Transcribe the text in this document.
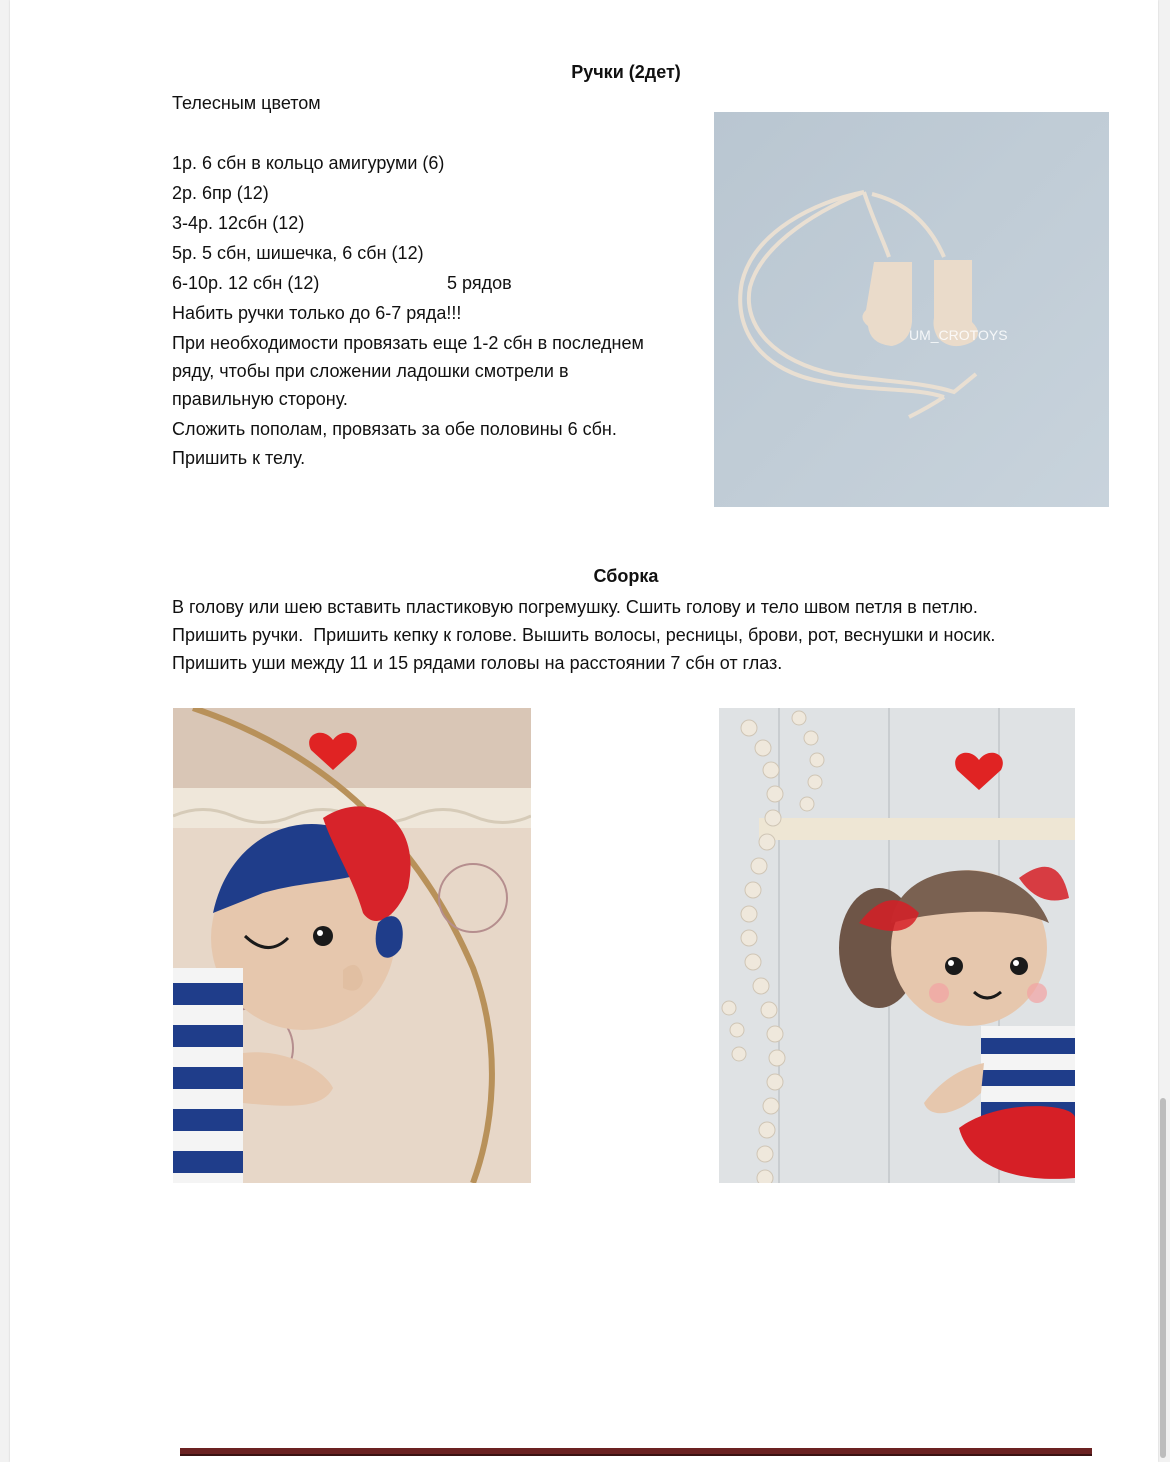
Ручки (2дет)
Телесным цветом
1р. 6 сбн в кольцо амигуруми (6)
2р. 6пр (12)
3-4р. 12сбн (12)
5р. 5 сбн, шишечка, 6 сбн (12)
6-10р. 12 сбн (12)	5 рядов
Набить ручки только до 6-7 ряда!!!
При необходимости провязать еще 1-2 сбн в последнем
ряду, чтобы при сложении ладошки смотрели в
правильную сторону.
Сложить пополам, провязать за обе половины 6 сбн.
Пришить к телу.
UM_CROTOYS
Сборка
В голову или шею вставить пластиковую погремушку. Сшить голову и тело швом петля в петлю.
Пришить ручки.  Пришить кепку к голове. Вышить волосы, ресницы, брови, рот, веснушки и носик.
Пришить уши между 11 и 15 рядами головы на расстоянии 7 сбн от глаз.
